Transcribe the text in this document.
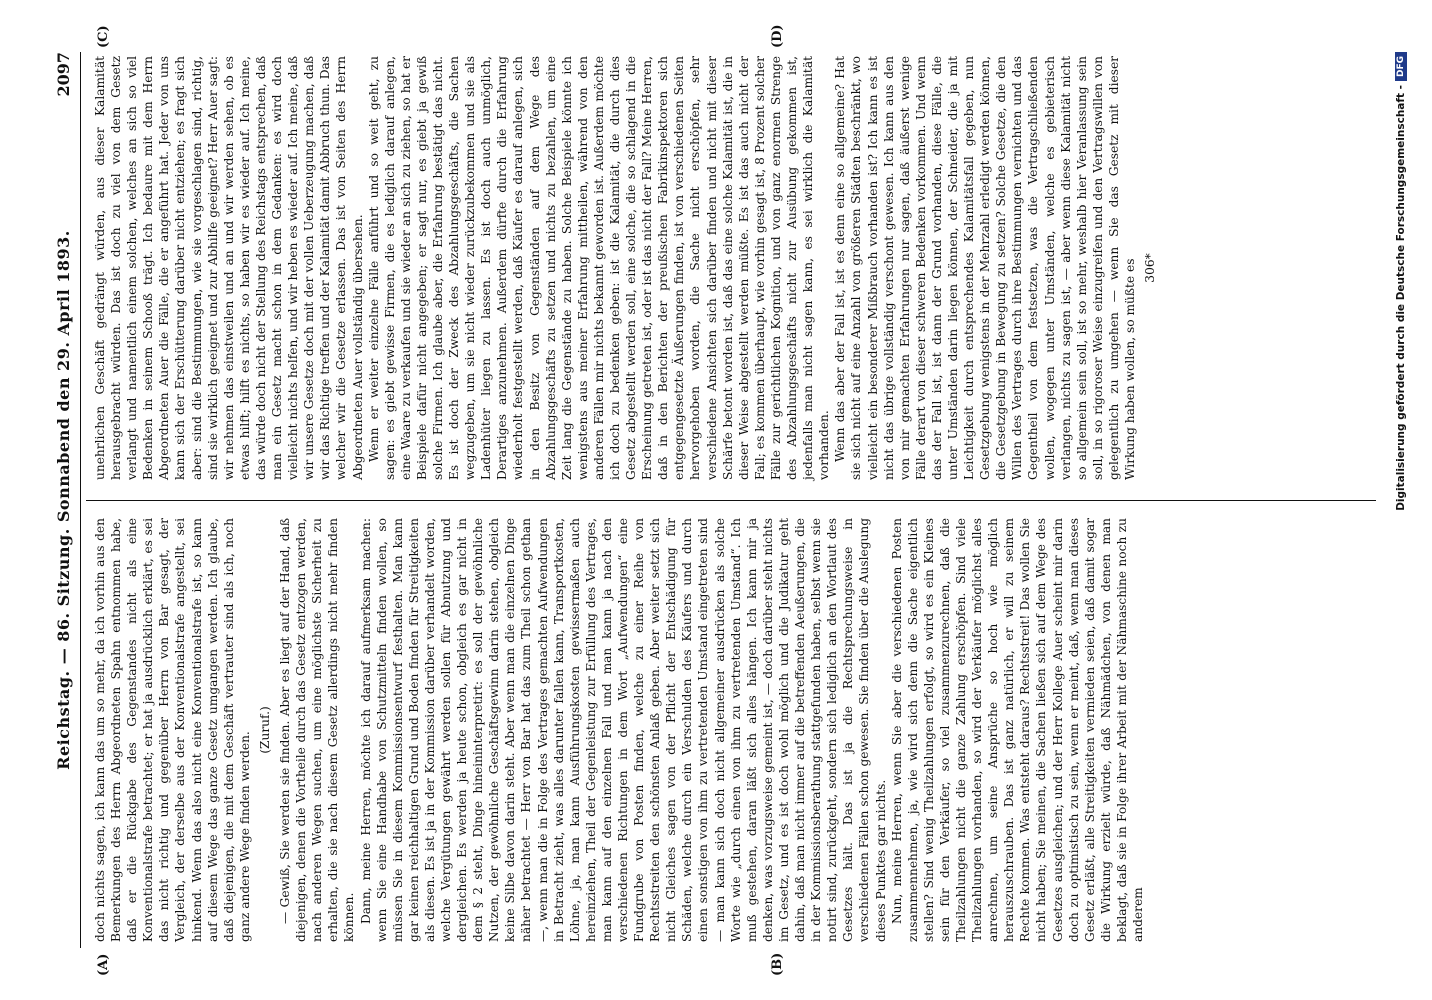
Reichstag. — 86. Sitzung. Sonnabend den 29. April 1893.
2097
(A)	(B)
(C)	(D)

doch nichts sagen, ich kann das um so mehr, da ich vorhin aus den Bemerkungen des Herrn Abgeordneten Spahn entnommen habe, daß er die Rückgabe des Gegenstandes nicht als eine Konventionalstrafe betrachtet; er hat ja ausdrücklich erklärt, es sei das nicht richtig und gegenüber Herrn von Bar gesagt, der Vergleich, der derselbe aus der Konventionalstrafe angestellt, sei hinkend. Wenn das also nicht eine Konventionalstrafe ist, so kann auf diesem Wege das ganze Gesetz umgangen werden. Ich glaube, daß diejenigen, die mit dem Geschäft vertrauter sind als ich, noch ganz andere Wege finden werden.

(Zuruf.) — Gewiß, Sie werden sie finden. Aber es liegt auf der Hand, daß diejenigen, denen die Vortheile durch das Gesetz entzogen werden, nach anderen Wegen suchen, um eine möglichste Sicherheit zu erhalten, die sie nach diesem Gesetz allerdings nicht mehr finden können. Dann, meine Herren, möchte ich darauf aufmerksam machen: wenn Sie eine Handhabe von Schutzmitteln finden wollen, so müssen Sie in diesem Kommissionsentwurf festhalten. Man kann gar keinen reichhaltigen Grund und Boden finden für Streitigkeiten als diesen. Es ist ja in der Kommission darüber verhandelt worden, welche Vergütungen gewährt werden sollen für Abnutzung und dergleichen. Es werden ja heute schon, obgleich es gar nicht in dem § 2 steht, Dinge hineininterpretirt: es soll der gewöhnliche Nutzen, der gewöhnliche Geschäftsgewinn darin stehen, obgleich keine Silbe davon darin steht. Aber wenn man die einzelnen Dinge näher betrachtet — Herr von Bar hat das zum Theil schon gethan —, wenn man die in Folge des Vertrages gemachten Aufwendungen in Betracht zieht, was alles darunter fallen kann, Transportkosten, Löhne, ja, man kann Ausführungskosten gewissermaßen auch hereinziehen, Theil der Gegenleistung zur Erfüllung des Vertrages, man kann auf den einzelnen Fall und man kann ja nach den verschiedenen Richtungen in dem Wort „Aufwendungen“ eine Fundgrube von Posten finden, welche zu einer Reihe von Rechtsstreiten den schönsten Anlaß geben. Aber weiter setzt sich nicht Gleiches sagen von der Pflicht der Entschädigung für Schäden, welche durch ein Verschulden des Käufers und durch einen sonstigen von ihm zu vertretenden Umstand eingetreten sind — man kann sich doch nicht allgemeiner ausdrücken als solche Worte wie „durch einen von ihm zu vertretenden Umstand“. Ich muß gestehen, daran läßt sich alles hängen. Ich kann mir ja denken, was vorzugsweise gemeint ist, — doch darüber steht nichts im Gesetz, und es ist doch wohl möglich und die Judikatur geht dahin, daß man nicht immer auf die betreffenden Aeußerungen, die in der Kommissionsberathung stattgefunden haben, selbst wenn sie notirt sind, zurückgeht, sondern sich lediglich an den Wortlaut des Gesetzes hält. Das ist ja die Rechtsprechungsweise in verschiedenen Fällen schon gewesen. Sie finden über die Auslegung dieses Punktes gar nichts. Nun, meine Herren, wenn Sie aber die verschiedenen Posten zusammennehmen, ja, wie wird sich denn die Sache eigentlich stellen? Sind wenig Theilzahlungen erfolgt, so wird es ein Kleines sein für den Verkäufer, so viel zusammenzurechnen, daß die Theilzahlungen nicht die ganze Zahlung erschöpfen. Sind viele Theilzahlungen vorhanden, so wird der Verkäufer möglichst alles anrechnen, um seine Ansprüche so hoch wie möglich herauszuschrauben. Das ist ganz natürlich, er will zu seinem Rechte kommen. Was entsteht daraus? Rechtsstreit! Das wollen Sie nicht haben; Sie meinen, die Sachen ließen sich auf dem Wege des Gesetzes ausgleichen; und der Herr Kollege Auer scheint mir darin doch zu optimistisch zu sein, wenn er meint, daß, wenn man dieses Gesetz erläßt, alle Streitigkeiten vermieden seien, daß damit sogar die Wirkung erzielt würde, daß Nähmädchen, von denen man beklagt, daß sie in Folge ihrer Arbeit mit der Nähmaschine noch zu anderem

unehrlichen Geschäft gedrängt würden, aus dieser Kalamität herausgebracht würden. Das ist doch zu viel von dem Gesetz verlangt und namentlich einem solchen, welches an sich so viel Bedenken in seinem Schooß trägt. Ich bedaure mit dem Herrn Abgeordneten Auer die Fälle, die er angeführt hat. Jeder von uns kann sich der Erschütterung darüber nicht entziehen; es fragt sich aber: sind die Bestimmungen, wie sie vorgeschlagen sind, richtig, sind sie wirklich geeignet und zur Abhilfe geeignet? Herr Auer sagt: wir nehmen das einstweilen und an und wir werden sehen, ob es etwas hilft; hilft es nichts, so haben wir es wieder auf. Ich meine, das würde doch nicht der Stellung des Reichstags entsprechen, daß man ein Gesetz macht schon in dem Gedanken: es wird doch vielleicht nichts helfen, und wir heben es wieder auf. Ich meine, daß wir unsere Gesetze doch mit der vollen Ueberzeugung machen, daß wir das Richtige treffen und der Kalamität damit Abbruch thun. Das welcher wir die Gesetze erlassen. Das ist von Seiten des Herrn Abgeordneten Auer vollständig übersehen. Wenn er weiter einzelne Fälle anführt und so weit geht, zu sagen: es giebt gewisse Firmen, die es lediglich darauf anlegen, eine Waare zu verkaufen und sie wieder an sich zu ziehen, so hat er Beispiele dafür nicht angegeben; er sagt nur, es giebt ja gewiß solche Firmen. Ich glaube aber, die Erfahrung bestätigt das nicht. Es ist doch der Zweck des Abzahlungsgeschäfts, die Sachen wegzugeben, um sie nicht wieder zurückzubekommen und sie als Ladenhüter liegen zu lassen. Es ist doch auch unmöglich, Derartiges anzunehmen. Außerdem dürfte durch die Erfahrung wiederholt festgestellt werden, daß Käufer es darauf anlegen, sich in den Besitz von Gegenständen auf dem Wege des Abzahlungsgeschäfts zu setzen und nichts zu bezahlen, um eine Zeit lang die Gegenstände zu haben. Solche Beispiele könnte ich wenigstens aus meiner Erfahrung mittheilen, während von den anderen Fällen mir nichts bekannt geworden ist. Außerdem möchte ich doch zu bedenken geben: ist die Kalamität, die durch dies Gesetz abgestellt werden soll, eine solche, die so schlagend in die Erscheinung getreten ist, oder ist das nicht der Fall? Meine Herren, daß in den Berichten der preußischen Fabrikinspektoren sich entgegengesetzte Äußerungen finden, ist von verschiedenen Seiten hervorgehoben worden, die Sache nicht erschöpfen, sehr verschiedene Ansichten sich darüber finden und nicht mit dieser Schärfe betont worden ist, daß das eine solche Kalamität ist, die in dieser Weise abgestellt werden müßte. Es ist das auch nicht der Fall; es kommen überhaupt, wie vorhin gesagt ist, 8 Prozent solcher Fälle zur gerichtlichen Kognition, und von ganz enormen Strenge des Abzahlungsgeschäfts nicht zur Ausübung gekommen ist, jedenfalls man nicht sagen kann, es sei wirklich die Kalamität vorhanden. Wenn das aber der Fall ist, ist es denn eine so allgemeine? Hat sie sich nicht auf eine Anzahl von größeren Städten beschränkt, wo vielleicht ein besonderer Mißbrauch vorhanden ist? Ich kann es ist nicht das übrige vollständig verschont gewesen. Ich kann aus den von mir gemachten Erfahrungen nur sagen, daß äußerst wenige Fälle derart von dieser schweren Bedenken vorkommen. Und wenn das der Fall ist, ist dann der Grund vorhanden, diese Fälle, die unter Umständen darin liegen können, der Schneider, die ja mit Leichtigkeit durch entsprechendes Kalamitätsfall gegeben, nun Gesetzgebung wenigstens in der Mehrzahl erledigt werden können, die Gesetzgebung in Bewegung zu setzen? Solche Gesetze, die den Willen des Vertrages durch ihre Bestimmungen vernichten und das Gegentheil von dem festsetzen, was die Vertragschließenden wollen, wogegen unter Umständen, welche es gebieterisch verlangen, nichts zu sagen ist, — aber wenn diese Kalamität nicht so allgemein sein soll, ist so mehr, weshalb hier Veranlassung sein soll, in so rigoroser Weise einzugreifen und den Vertragswillen von gelegentlich zu umgehen — wenn Sie das Gesetz mit dieser Wirkung haben wollen, so müßte es 306*	Digitalisierung gefördert durch die Deutsche Forschungsgemeinschaft -DFG
